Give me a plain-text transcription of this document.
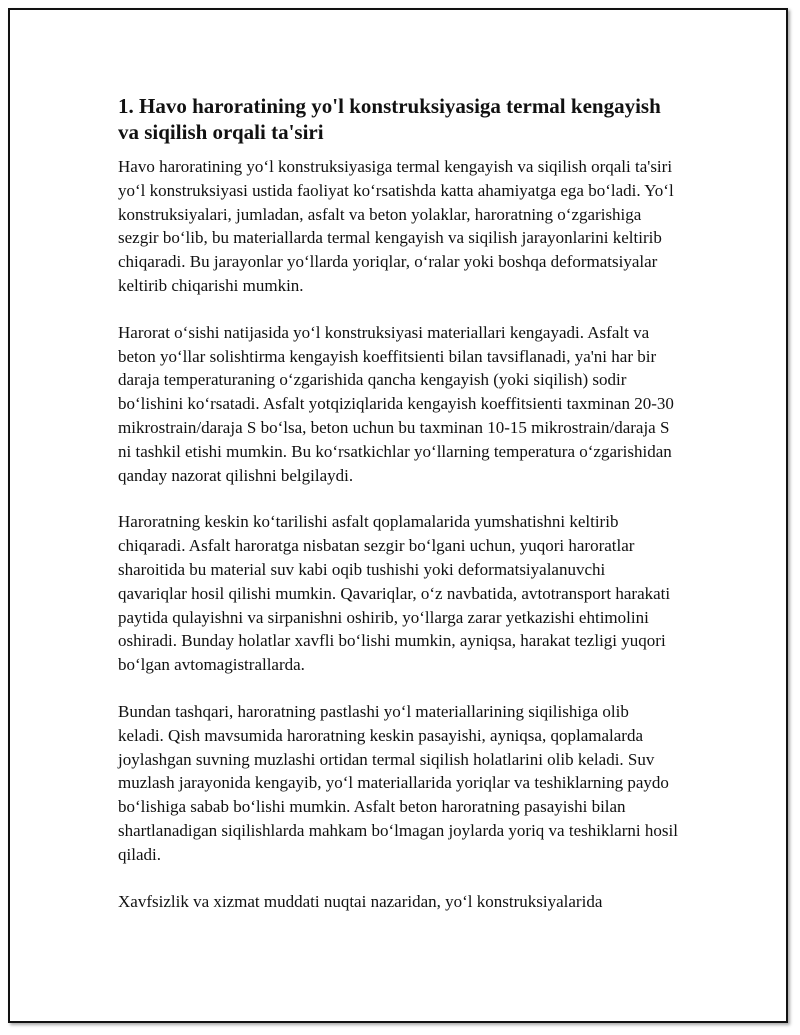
1. Havo haroratining yo'l konstruksiyasiga termal kengayish va siqilish orqali ta'siri

Havo haroratining yo‘l konstruksiyasiga termal kengayish va siqilish orqali ta'siri yo‘l konstruksiyasi ustida faoliyat ko‘rsatishda katta ahamiyatga ega bo‘ladi. Yo‘l konstruksiyalari, jumladan, asfalt va beton yolaklar, haroratning o‘zgarishiga sezgir bo‘lib, bu materiallarda termal kengayish va siqilish jarayonlarini keltirib chiqaradi. Bu jarayonlar yo‘llarda yoriqlar, o‘ralar yoki boshqa deformatsiyalar keltirib chiqarishi mumkin.

Harorat o‘sishi natijasida yo‘l konstruksiyasi materiallari kengayadi. Asfalt va beton yo‘llar solishtirma kengayish koeffitsienti bilan tavsiflanadi, ya'ni har bir daraja temperaturaning o‘zgarishida qancha kengayish (yoki siqilish) sodir bo‘lishini ko‘rsatadi. Asfalt yotqiziqlarida kengayish koeffitsienti taxminan 20-30 mikrostrain/daraja S bo‘lsa, beton uchun bu taxminan 10-15 mikrostrain/daraja S ni tashkil etishi mumkin. Bu ko‘rsatkichlar yo‘llarning temperatura o‘zgarishidan qanday nazorat qilishni belgilaydi.

Haroratning keskin ko‘tarilishi asfalt qoplamalarida yumshatishni keltirib chiqaradi. Asfalt haroratga nisbatan sezgir bo‘lgani uchun, yuqori haroratlar sharoitida bu material suv kabi oqib tushishi yoki deformatsiyalanuvchi qavariqlar hosil qilishi mumkin. Qavariqlar, o‘z navbatida, avtotransport harakati paytida qulayishni va sirpanishni oshirib, yo‘llarga zarar yetkazishi ehtimolini oshiradi. Bunday holatlar xavfli bo‘lishi mumkin, ayniqsa, harakat tezligi yuqori bo‘lgan avtomagistrallarda.

Bundan tashqari, haroratning pastlashi yo‘l materiallarining siqilishiga olib keladi. Qish mavsumida haroratning keskin pasayishi, ayniqsa, qoplamalarda joylashgan suvning muzlashi ortidan termal siqilish holatlarini olib keladi. Suv muzlash jarayonida kengayib, yo‘l materiallarida yoriqlar va teshiklarning paydo bo‘lishiga sabab bo‘lishi mumkin. Asfalt beton haroratning pasayishi bilan shartlanadigan siqilishlarda mahkam bo‘lmagan joylarda yoriq va teshiklarni hosil qiladi.

Xavfsizlik va xizmat muddati nuqtai nazaridan, yo‘l konstruksiyalarida
